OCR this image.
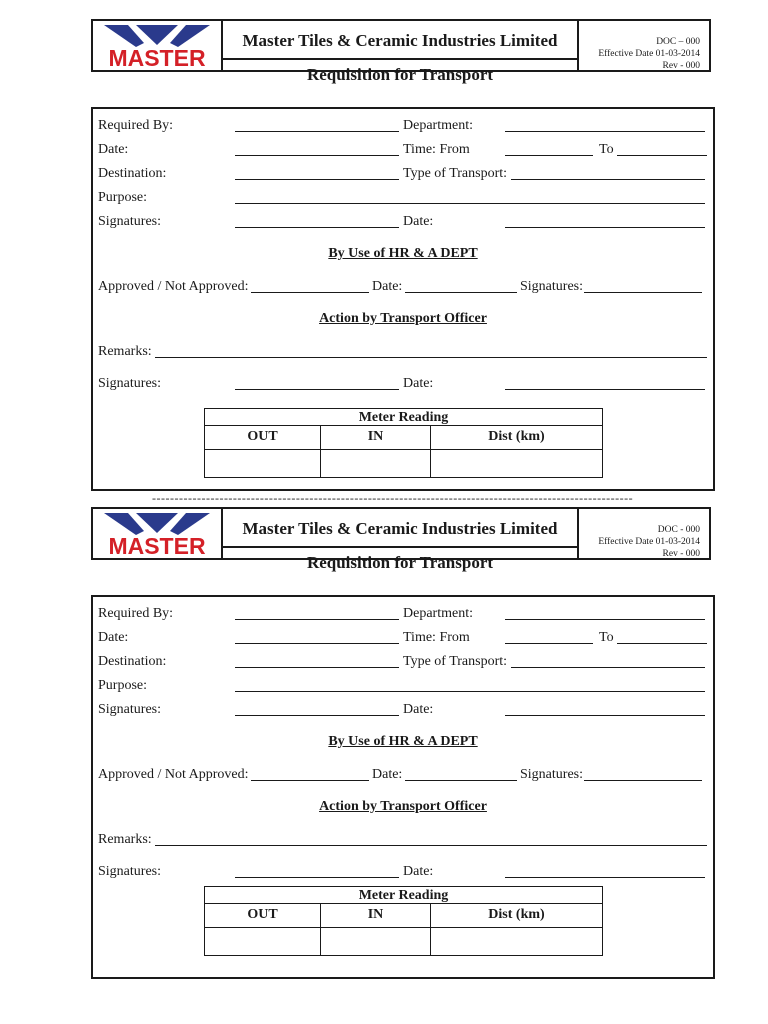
MASTER
Master Tiles & Ceramic Industries Limited
Requisition for Transport
DOC – 000
Effective Date 01-03-2014
Rev - 000
Required By:	Department:
Date:	Time: From	To
Destination:	Type of Transport:
Purpose:
Signatures:	Date:
By Use of HR & A DEPT
Approved / Not Approved:	Date:	Signatures:
Action by Transport Officer
Remarks:
Signatures:	Date:
Meter Reading
OUT	IN	Dist (km)
-----------------------------------------------------------------------------------------------------------
MASTER
Master Tiles & Ceramic Industries Limited
Requisition for Transport
DOC - 000
Effective Date 01-03-2014
Rev - 000
Required By:	Department:
Date:	Time: From	To
Destination:	Type of Transport:
Purpose:
Signatures:	Date:
By Use of HR & A DEPT
Approved / Not Approved:	Date:	Signatures:
Action by Transport Officer
Remarks:
Signatures:	Date:
Meter Reading
OUT	IN	Dist (km)
